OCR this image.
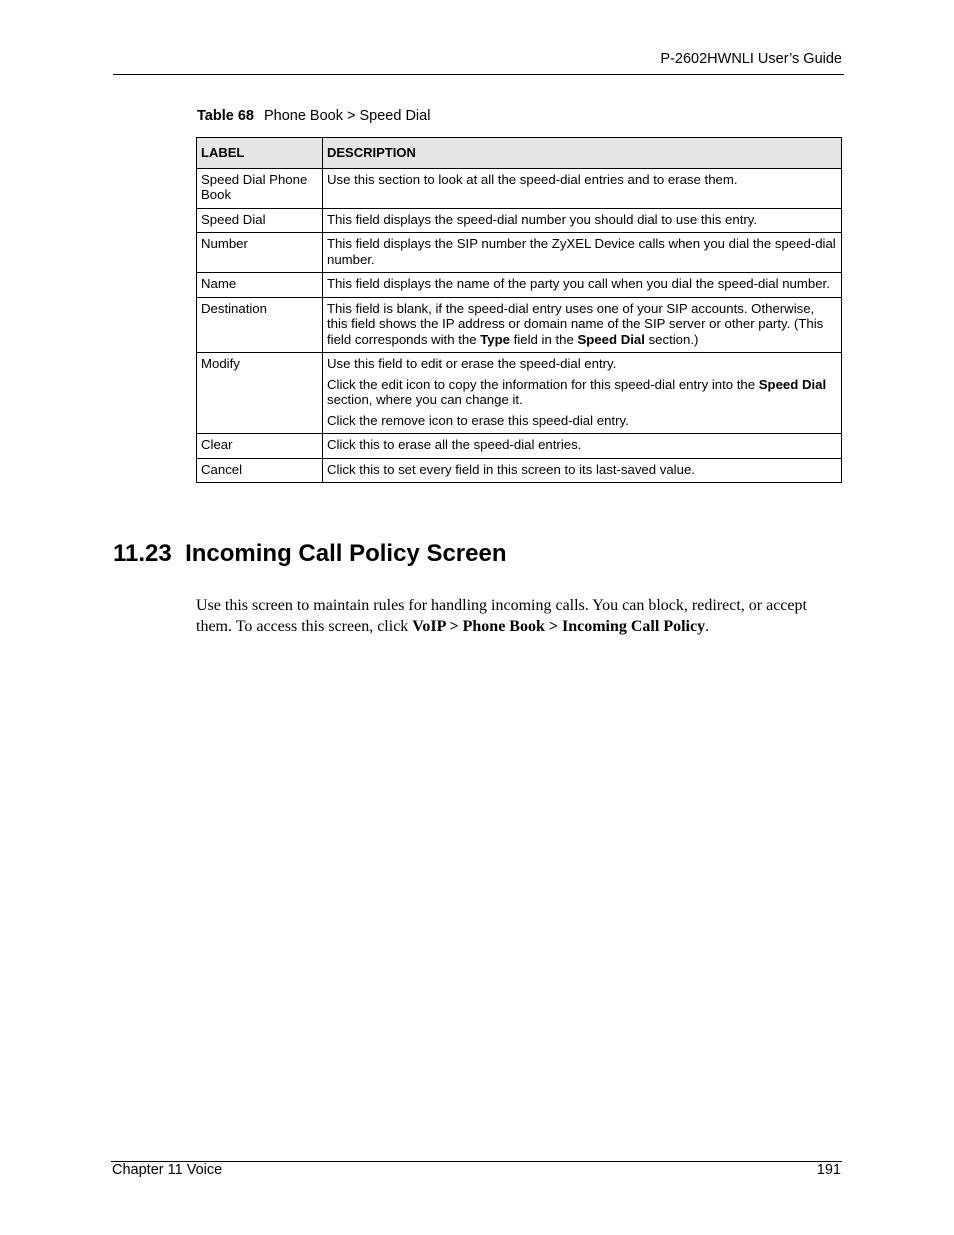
P-2602HWNLI User’s Guide
Table 68 Phone Book > Speed Dial
LABEL	DESCRIPTION
Speed Dial Phone Book	Use this section to look at all the speed-dial entries and to erase them.
Speed Dial	This field displays the speed-dial number you should dial to use this entry.
Number	This field displays the SIP number the ZyXEL Device calls when you dial the speed-dial number.
Name	This field displays the name of the party you call when you dial the speed-dial number.
Destination	This field is blank, if the speed-dial entry uses one of your SIP accounts. Otherwise, this field shows the IP address or domain name of the SIP server or other party. (This field corresponds with the Type field in the Speed Dial section.)
Modify	Use this field to edit or erase the speed-dial entry.

Click the edit icon to copy the information for this speed-dial entry into the Speed Dial section, where you can change it.

Click the remove icon to erase this speed-dial entry.

Clear	Click this to erase all the speed-dial entries.
Cancel	Click this to set every field in this screen to its last-saved value.
11.23  Incoming Call Policy Screen

Use this screen to maintain rules for handling incoming calls. You can block, redirect, or accept them. To access this screen, click VoIP > Phone Book > Incoming Call Policy.

Chapter 11 Voice	191
